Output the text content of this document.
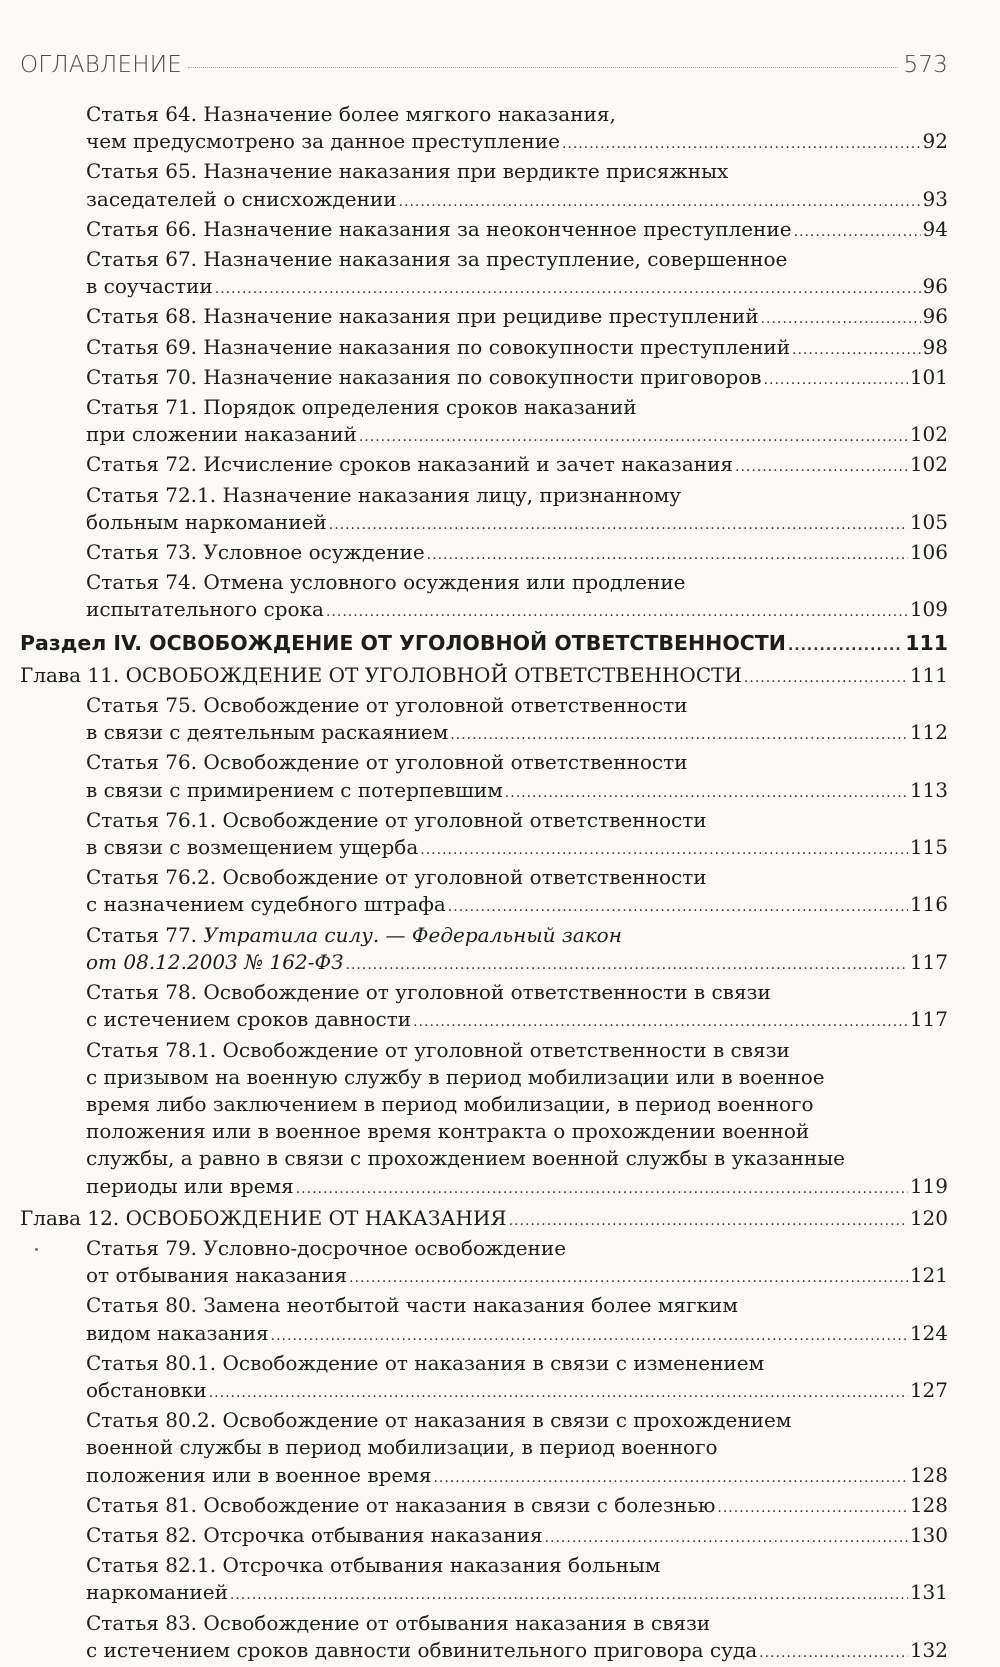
ОГЛАВЛЕНИЕ	573
Статья 64. Назначение более мягкого наказания,
чем предусмотрено за данное преступление .....	92
Статья 65. Назначение наказания при вердикте присяжных
заседателей о снисхождении .....	93
Статья 66. Назначение наказания за неоконченное преступление .....	94
Статья 67. Назначение наказания за преступление, совершенное
в соучастии .....	96
Статья 68. Назначение наказания при рецидиве преступлений .....	96
Статья 69. Назначение наказания по совокупности преступлений .....	98
Статья 70. Назначение наказания по совокупности приговоров .....	101
Статья 71. Порядок определения сроков наказаний
при сложении наказаний .....	102
Статья 72. Исчисление сроков наказаний и зачет наказания .....	102
Статья 72.1. Назначение наказания лицу, признанному
больным наркоманией .....	105
Статья 73. Условное осуждение .....	106
Статья 74. Отмена условного осуждения или продление
испытательного срока .....	109
Раздел IV. ОСВОБОЖДЕНИЕ ОТ УГОЛОВНОЙ ОТВЕТСТВЕННОСТИ .....	111
Глава 11. ОСВОБОЖДЕНИЕ ОТ УГОЛОВНОЙ ОТВЕТСТВЕННОСТИ .....	111
Статья 75. Освобождение от уголовной ответственности
в связи с деятельным раскаянием .....	112
Статья 76. Освобождение от уголовной ответственности
в связи с примирением с потерпевшим .....	113
Статья 76.1. Освобождение от уголовной ответственности
в связи с возмещением ущерба .....	115
Статья 76.2. Освобождение от уголовной ответственности
с назначением судебного штрафа .....	116
Статья 77. Утратила силу. — Федеральный закон
от 08.12.2003 № 162-ФЗ .....	117
Статья 78. Освобождение от уголовной ответственности в связи
с истечением сроков давности .....	117
Статья 78.1. Освобождение от уголовной ответственности в связи
с призывом на военную службу в период мобилизации или в военное
время либо заключением в период мобилизации, в период военного
положения или в военное время контракта о прохождении военной
службы, а равно в связи с прохождением военной службы в указанные
периоды или время .....	119
Глава 12. ОСВОБОЖДЕНИЕ ОТ НАКАЗАНИЯ .....	120
Статья 79. Условно-досрочное освобождение
от отбывания наказания .....	121
Статья 80. Замена неотбытой части наказания более мягким
видом наказания .....	124
Статья 80.1. Освобождение от наказания в связи с изменением
обстановки .....	127
Статья 80.2. Освобождение от наказания в связи с прохождением
военной службы в период мобилизации, в период военного
положения или в военное время .....	128
Статья 81. Освобождение от наказания в связи с болезнью .....	128
Статья 82. Отсрочка отбывания наказания .....	130
Статья 82.1. Отсрочка отбывания наказания больным
наркоманией .....	131
Статья 83. Освобождение от отбывания наказания в связи
с истечением сроков давности обвинительного приговора суда .....	132
